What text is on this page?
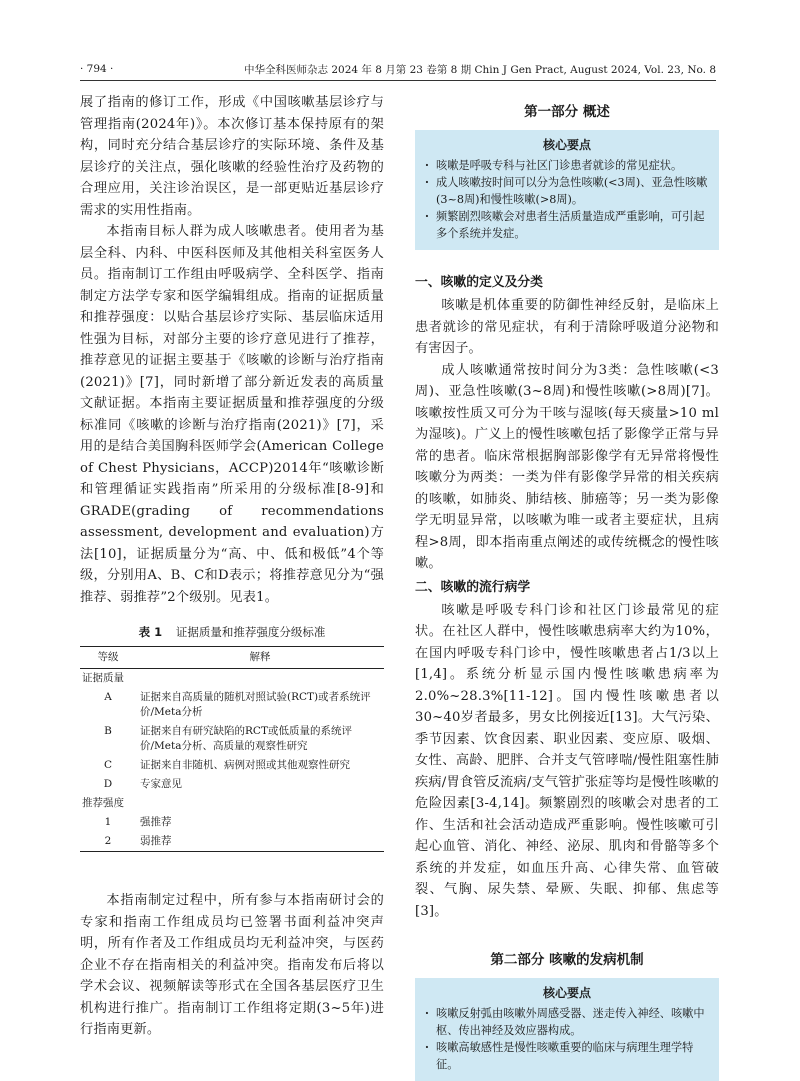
· 794 ·	中华全科医师杂志 2024 年 8 月第 23 卷第 8 期 Chin J Gen Pract, August 2024, Vol. 23, No. 8

展了指南的修订工作，形成《中国咳嗽基层诊疗与管理指南(2024年)》。本次修订基本保持原有的架构，同时充分结合基层诊疗的实际环境、条件及基层诊疗的关注点，强化咳嗽的经验性治疗及药物的合理应用，关注诊治误区，是一部更贴近基层诊疗需求的实用性指南。

本指南目标人群为成人咳嗽患者。使用者为基层全科、内科、中医科医师及其他相关科室医务人员。指南制订工作组由呼吸病学、全科医学、指南制定方法学专家和医学编辑组成。指南的证据质量和推荐强度：以贴合基层诊疗实际、基层临床适用性强为目标，对部分主要的诊疗意见进行了推荐，推荐意见的证据主要基于《咳嗽的诊断与治疗指南(2021)》[7]，同时新增了部分新近发表的高质量文献证据。本指南主要证据质量和推荐强度的分级标准同《咳嗽的诊断与治疗指南(2021)》[7]，采用的是结合美国胸科医师学会(American College of Chest Physicians，ACCP)2014年“咳嗽诊断和管理循证实践指南”所采用的分级标准[8-9]和GRADE(grading of recommendations assessment, development and evaluation)方法[10]，证据质量分为“高、中、低和极低”4个等级，分别用A、B、C和D表示；将推荐意见分为“强推荐、弱推荐”2个级别。见表1。

表 1 证据质量和推荐强度分级标准
等级	解释
证据质量	
A	证据来自高质量的随机对照试验(RCT)或者系统评价/Meta分析
B	证据来自有研究缺陷的RCT或低质量的系统评价/Meta分析、高质量的观察性研究
C	证据来自非随机、病例对照或其他观察性研究
D	专家意见
推荐强度	
1	强推荐
2	弱推荐

本指南制定过程中，所有参与本指南研讨会的专家和指南工作组成员均已签署书面利益冲突声明，所有作者及工作组成员均无利益冲突，与医药企业不存在指南相关的利益冲突。指南发布后将以学术会议、视频解读等形式在全国各基层医疗卫生机构进行推广。指南制订工作组将定期(3~5年)进行指南更新。

第一部分 概述
核心要点
· 咳嗽是呼吸专科与社区门诊患者就诊的常见症状。
· 成人咳嗽按时间可以分为急性咳嗽(<3周)、亚急性咳嗽(3~8周)和慢性咳嗽(>8周)。
· 频繁剧烈咳嗽会对患者生活质量造成严重影响，可引起多个系统并发症。
一、咳嗽的定义及分类

咳嗽是机体重要的防御性神经反射，是临床上患者就诊的常见症状，有利于清除呼吸道分泌物和有害因子。

成人咳嗽通常按时间分为3类：急性咳嗽(<3周)、亚急性咳嗽(3~8周)和慢性咳嗽(>8周)[7]。咳嗽按性质又可分为干咳与湿咳(每天痰量>10 ml为湿咳)。广义上的慢性咳嗽包括了影像学正常与异常的患者。临床常根据胸部影像学有无异常将慢性咳嗽分为两类：一类为伴有影像学异常的相关疾病的咳嗽，如肺炎、肺结核、肺癌等；另一类为影像学无明显异常，以咳嗽为唯一或者主要症状，且病程>8周，即本指南重点阐述的或传统概念的慢性咳嗽。

二、咳嗽的流行病学

咳嗽是呼吸专科门诊和社区门诊最常见的症状。在社区人群中，慢性咳嗽患病率大约为10%，在国内呼吸专科门诊中，慢性咳嗽患者占1/3以上[1,4]。系统分析显示国内慢性咳嗽患病率为2.0%~28.3%[11-12]。国内慢性咳嗽患者以30~40岁者最多，男女比例接近[13]。大气污染、季节因素、饮食因素、职业因素、变应原、吸烟、女性、高龄、肥胖、合并支气管哮喘/慢性阻塞性肺疾病/胃食管反流病/支气管扩张症等均是慢性咳嗽的危险因素[3-4,14]。频繁剧烈的咳嗽会对患者的工作、生活和社会活动造成严重影响。慢性咳嗽可引起心血管、消化、神经、泌尿、肌肉和骨骼等多个系统的并发症，如血压升高、心律失常、血管破裂、气胸、尿失禁、晕厥、失眠、抑郁、焦虑等[3]。

第二部分 咳嗽的发病机制
核心要点
· 咳嗽反射弧由咳嗽外周感受器、迷走传入神经、咳嗽中枢、传出神经及效应器构成。
· 咳嗽高敏感性是慢性咳嗽重要的临床与病理生理学特征。
